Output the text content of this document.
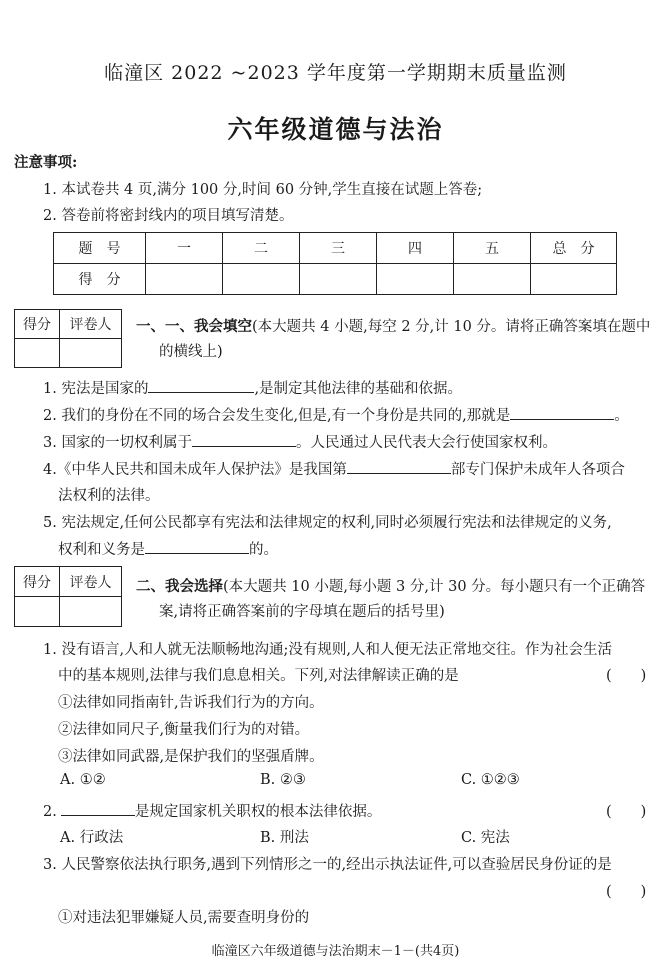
临潼区 2022 ~2023 学年度第一学期期末质量监测
六年级道德与法治
注意事项:
1. 本试卷共 4 页,满分 100 分,时间 60 分钟,学生直接在试题上答卷;
2. 答卷前将密封线内的项目填写清楚。
题　号	一	二	三	四	五	总　分
得　分						
得分	评卷人
	一、一、我会填空(本大题共 4 小题,每空 2 分,计 10 分。请将正确答案填在题中
的横线上)
1. 宪法是国家的	,是制定其他法律的基础和依据。
2. 我们的身份在不同的场合会发生变化,但是,有一个身份是共同的,那就是	。
3. 国家的一切权利属于	。人民通过人民代表大会行使国家权利。
4.《中华人民共和国未成年人保护法》是我国第	部专门保护未成年人各项合
法权利的法律。
5. 宪法规定,任何公民都享有宪法和法律规定的权利,同时必须履行宪法和法律规定的义务,
权利和义务是	的。
得分	评卷人
	二、我会选择(本大题共 10 小题,每小题 3 分,计 30 分。每小题只有一个正确答
案,请将正确答案前的字母填在题后的括号里)
1. 没有语言,人和人就无法顺畅地沟通;没有规则,人和人便无法正常地交往。作为社会生活
中的基本规则,法律与我们息息相关。下列,对法律解读正确的是	(　　)
①法律如同指南针,告诉我们行为的方向。
②法律如同尺子,衡量我们行为的对错。
③法律如同武器,是保护我们的坚强盾牌。
A. ①②	B. ②③	C. ①②③
2.	是规定国家机关职权的根本法律依据。	(　　)
A. 行政法	B. 刑法	C. 宪法
3. 人民警察依法执行职务,遇到下列情形之一的,经出示执法证件,可以查验居民身份证的是
(　　)
①对违法犯罪嫌疑人员,需要查明身份的
临潼区六年级道德与法治期末－1－(共4页)
